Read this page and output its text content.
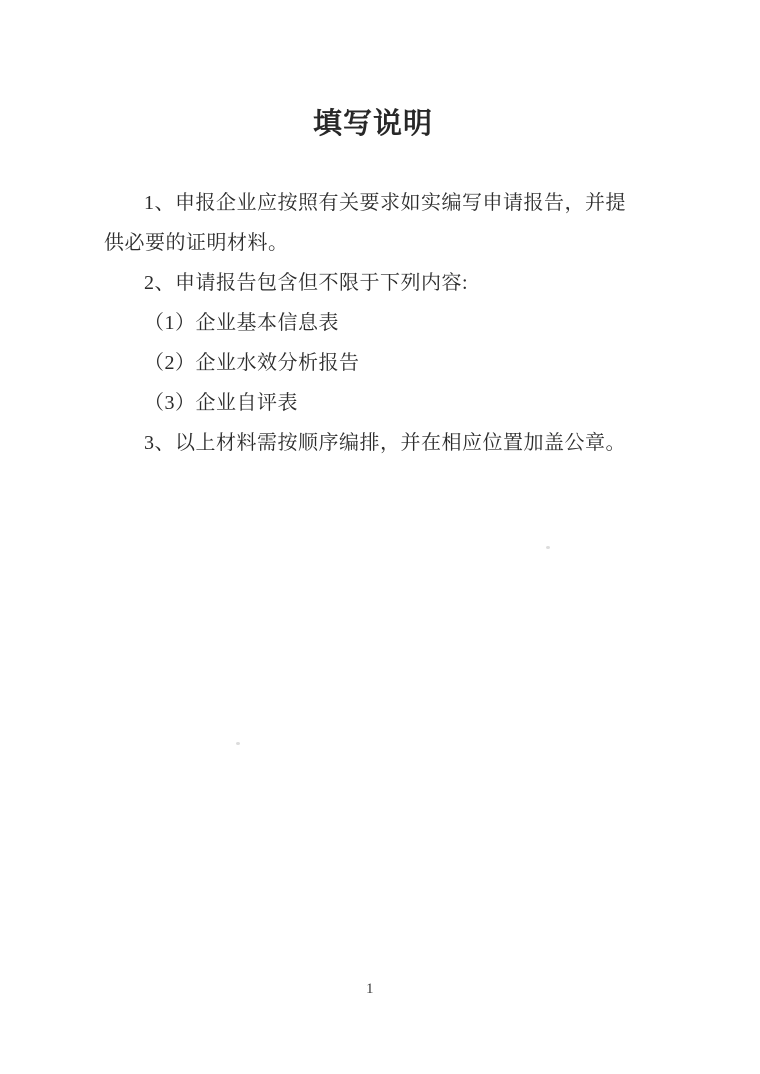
填写说明

1、申报企业应按照有关要求如实编写申请报告，并提

供必要的证明材料。

2、申请报告包含但不限于下列内容:

（1）企业基本信息表

（2）企业水效分析报告

（3）企业自评表

3、以上材料需按顺序编排，并在相应位置加盖公章。

1
